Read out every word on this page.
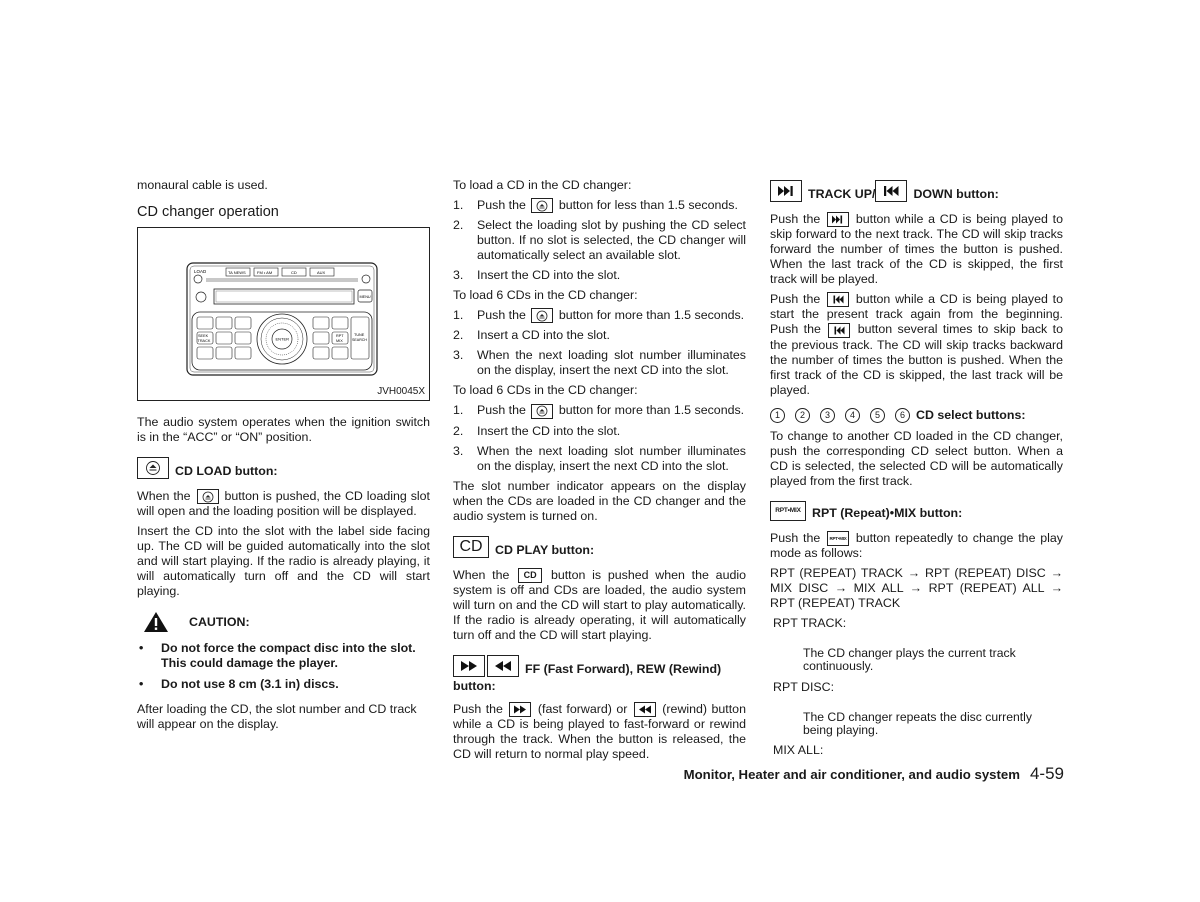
monaural cable is used.

CD changer operation
LOAD	TA NEWS	FM • AM	CD	AUX
MENU
SEEK
TRACK	ENTER
RPT
MIX
TUNE
SEARCH
JVH0045X

The audio system operates when the ignition switch is in the “ACC” or “ON” position.

CD LOAD button:

When the	button is pushed, the CD loading slot will open and the loading position will be displayed.

Insert the CD into the slot with the label side facing up. The CD will be guided automatically into the slot and will start playing. If the radio is already playing, it will automatically turn off and the CD will start playing.

CAUTION:
• Do not force the compact disc into the slot. This could damage the player.
• Do not use 8 cm (3.1 in) discs.

After loading the CD, the slot number and CD track will appear on the display.

To load a CD in the CD changer:

1. Push the	button for less than 1.5 seconds.
2. Select the loading slot by pushing the CD select button. If no slot is selected, the CD changer will automatically select an available slot.
3. Insert the CD into the slot.

To load 6 CDs in the CD changer:

1. Push the	button for more than 1.5 seconds.
2. Insert a CD into the slot.
3. When the next loading slot number illuminates on the display, insert the next CD into the slot.

To load 6 CDs in the CD changer:

1. Push the	button for more than 1.5 seconds.
2. Insert the CD into the slot.
3. When the next loading slot number illuminates on the display, insert the next CD into the slot.

The slot number indicator appears on the display when the CDs are loaded in the CD changer and the audio system is turned on.

CD	CD PLAY button:

When the CD button is pushed when the audio system is off and CDs are loaded, the audio system will turn on and the CD will start to play automatically. If the radio is already operating, it will automatically turn off and the CD will start playing.

FF (Fast Forward), REW (Rewind)
button:

Push the	(fast forward) or	(rewind) button while a CD is being played to fast-forward or rewind through the track. When the button is released, the CD will return to normal play speed.

TRACK UP/	DOWN button:

Push the	button while a CD is being played to skip forward to the next track. The CD will skip tracks forward the number of times the button is pushed. When the last track of the CD is skipped, the first track will be played.

Push the	button while a CD is being played to start the present track again from the beginning. Push the	button several times to skip back to the previous track. The CD will skip tracks backward the number of times the button is pushed. When the first track of the CD is skipped, the last track will be played.

1	2	3	4	5	6 CD select buttons:

To change to another CD loaded in the CD changer, push the corresponding CD select button. When a CD is selected, the selected CD will be automatically played from the first track.

RPT•MIX RPT (Repeat)•MIX button:

Push the RPT•MIX button repeatedly to change the play mode as follows:

RPT (REPEAT) TRACK → RPT (REPEAT) DISC → MIX DISC → MIX ALL → RPT (REPEAT) ALL → RPT (REPEAT) TRACK

RPT TRACK:
The CD changer plays the current track continuously.
RPT DISC:
The CD changer repeats the disc currently being playing.
MIX ALL:
Monitor, Heater and air conditioner, and audio system 4-59
